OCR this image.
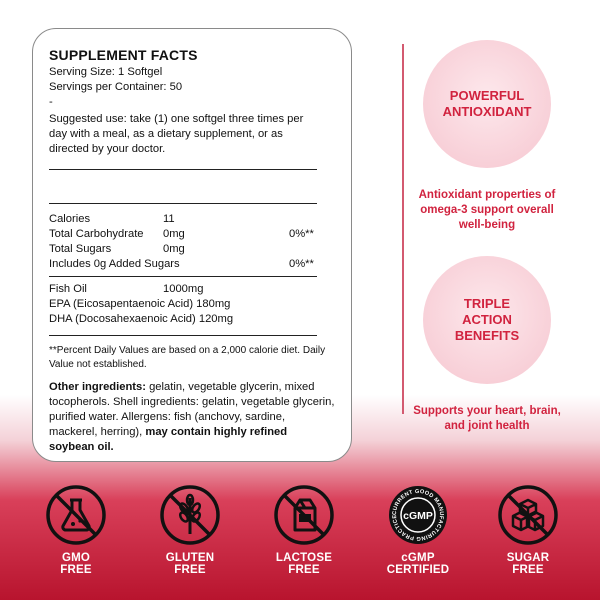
SUPPLEMENT FACTS
Serving Size: 1 Softgel
Servings per Container: 50
-
Suggested use: take (1) one softgel three times per day with a meal, as a dietary supplement, or as directed by your doctor.
Calories	11
Total Carbohydrate 0mg	0%**
Total Sugars	0mg
Includes 0g Added Sugars	0%**
Fish Oil	1000mg
EPA (Eicosapentaenoic Acid) 180mg
DHA (Docosahexaenoic Acid) 120mg
**Percent Daily Values are based on a 2,000 calorie diet. Daily Value not established.
Other ingredients: gelatin, vegetable glycerin, mixed tocopherols. Shell ingredients: gelatin, vegetable glycerin, purified water. Allergens: fish (anchovy, sardine, mackerel, herring), may contain highly refined soybean oil.
POWERFUL ANTIOXIDANT
Antioxidant properties of omega-3 support overall well-being
TRIPLE ACTION BENEFITS
Supports your heart, brain, and joint health
GMO
FREE
GLUTEN
FREE
LACTOSE
FREE
CURRENT GOOD MANUFACTURING PRACTICE cGMP
cGMP
CERTIFIED
SUGAR
FREE
